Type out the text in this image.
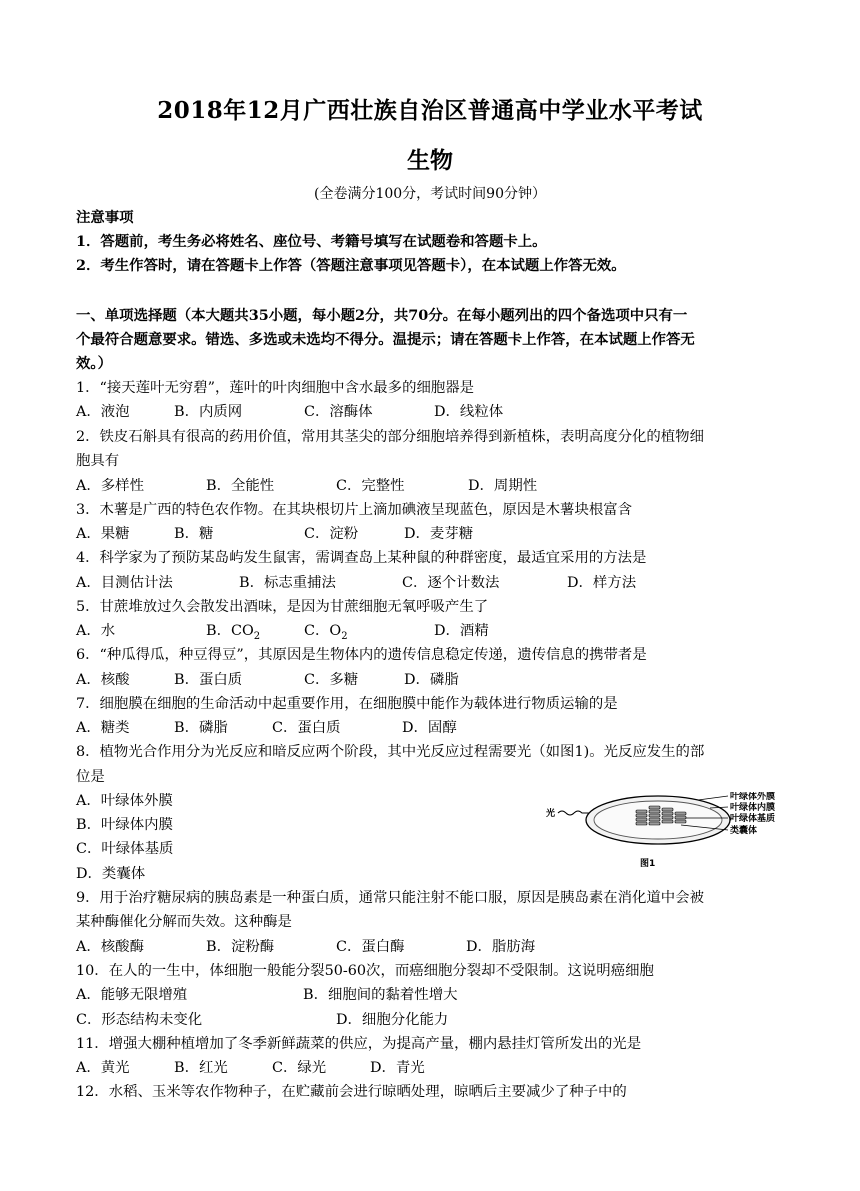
2018年12月广西壮族自治区普通高中学业水平考试
生物
(全卷满分100分，考试时间90分钟）
注意事项
1．答题前，考生务必将姓名、座位号、考籍号填写在试题卷和答题卡上。
2．考生作答时，请在答题卡上作答（答题注意事项见答题卡），在本试题上作答无效。
一、单项选择题（本大题共35小题，每小题2分，共70分。在每小题列出的四个备选项中只有一
个最符合题意要求。错选、多选或未选均不得分。温提示；请在答题卡上作答，在本试题上作答无
效。）
1．“接天莲叶无穷碧”，莲叶的叶肉细胞中含水最多的细胞器是
A．液泡	B．内质网	C．溶酶体	D．线粒体
2．铁皮石斛具有很高的药用价值，常用其茎尖的部分细胞培养得到新植株，表明高度分化的植物细
胞具有
A．多样性	B．全能性	C．完整性	D．周期性
3．木薯是广西的特色农作物。在其块根切片上滴加碘液呈现蓝色，原因是木薯块根富含
A．果糖	B．糖	C．淀粉	D．麦芽糖
4．科学家为了预防某岛屿发生鼠害，需调查岛上某种鼠的种群密度，最适宜采用的方法是
A．目测估计法	B．标志重捕法	C．逐个计数法	D．样方法
5．甘蔗堆放过久会散发出酒味，是因为甘蔗细胞无氧呼吸产生了
A．水	B．$CO_2$	C．$O_2$	D．酒精
6．“种瓜得瓜，种豆得豆”，其原因是生物体内的遗传信息稳定传递，遗传信息的携带者是
A．核酸	B．蛋白质	C．多糖	D．磷脂
7．细胞膜在细胞的生命活动中起重要作用，在细胞膜中能作为载体进行物质运输的是
A．糖类	B．磷脂	C．蛋白质	D．固醇
8．植物光合作用分为光反应和暗反应两个阶段，其中光反应过程需要光（如图1)。光反应发生的部
位是
A．叶绿体外膜
B．叶绿体内膜
C．叶绿体基质
D．类囊体
光
叶绿体外膜
叶绿体内膜
叶绿体基质
类囊体
图1
9．用于治疗糖尿病的胰岛素是一种蛋白质，通常只能注射不能口服，原因是胰岛素在消化道中会被
某种酶催化分解而失效。这种酶是
A．核酸酶	B．淀粉酶	C．蛋白酶	D．脂肪海
10．在人的一生中，体细胞一般能分裂50-60次，而癌细胞分裂却不受限制。这说明癌细胞
A．能够无限增殖	B．细胞间的黏着性增大
C．形态结构未变化	D．细胞分化能力
11．增强大棚种植增加了冬季新鲜蔬菜的供应，为提高产量，棚内悬挂灯管所发出的光是
A．黄光	B．红光	C．绿光	D．青光
12．水稻、玉米等农作物种子，在贮藏前会进行晾晒处理，晾晒后主要减少了种子中的
